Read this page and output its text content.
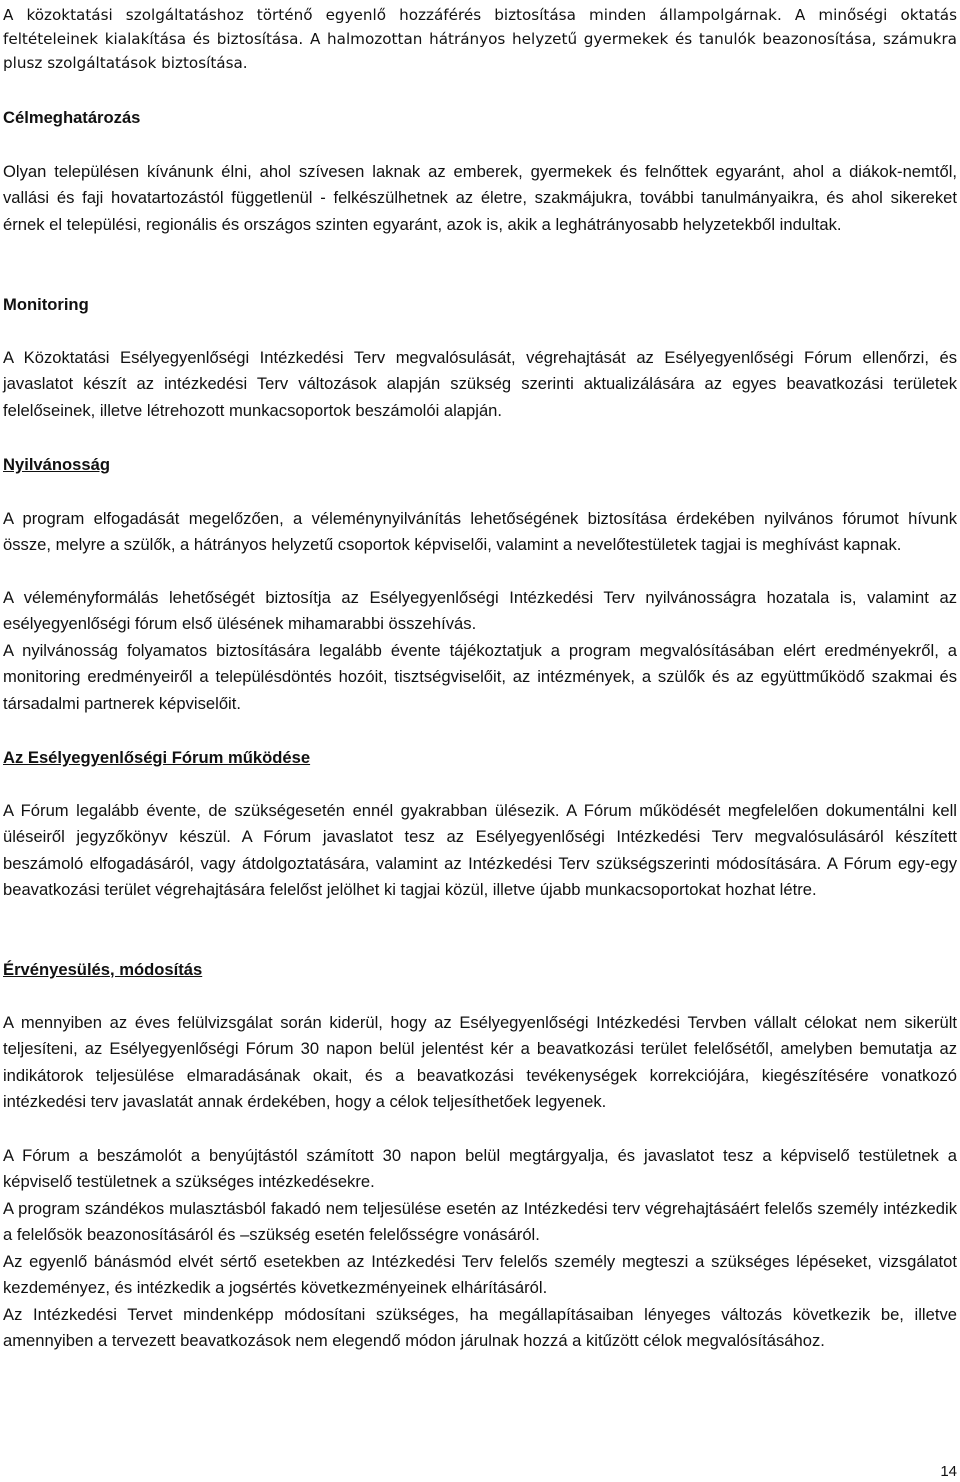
A közoktatási szolgáltatáshoz történő egyenlő hozzáférés biztosítása minden állampolgárnak. A minőségi oktatás feltételeinek kialakítása és biztosítása. A halmozottan hátrányos helyzetű gyermekek és tanulók beazonosítása, számukra plusz szolgáltatások biztosítása.

Célmeghatározás

Olyan településen kívánunk élni, ahol szívesen laknak az emberek, gyermekek és felnőttek egyaránt, ahol a diákok-nemtől, vallási és faji hovatartozástól függetlenül - felkészülhetnek az életre, szakmájukra, további tanulmányaikra, és ahol sikereket érnek el települési, regionális és országos szinten egyaránt, azok is, akik a leghátrányosabb helyzetekből indultak.

Monitoring

A Közoktatási Esélyegyenlőségi Intézkedési Terv megvalósulását, végrehajtását az Esélyegyenlőségi Fórum ellenőrzi, és javaslatot készít az intézkedési Terv változások alapján szükség szerinti aktualizálására az egyes beavatkozási területek felelőseinek, illetve létrehozott munkacsoportok beszámolói alapján.

Nyilvánosság

A program elfogadását megelőzően, a véleménynyilvánítás lehetőségének biztosítása érdekében nyilvános fórumot hívunk össze, melyre a szülők, a hátrányos helyzetű csoportok képviselői, valamint a nevelőtestületek tagjai is meghívást kapnak.

A véleményformálás lehetőségét biztosítja az Esélyegyenlőségi Intézkedési Terv nyilvánosságra hozatala is, valamint az esélyegyenlőségi fórum első ülésének mihamarabbi összehívás.

A nyilvánosság folyamatos biztosítására legalább évente tájékoztatjuk a program megvalósításában elért eredményekről, a monitoring eredményeiről a településdöntés hozóit, tisztségviselőit, az intézmények, a szülők és az együttműködő szakmai és társadalmi partnerek képviselőit.

Az Esélyegyenlőségi Fórum működése

A Fórum legalább évente, de szükségesetén ennél gyakrabban ülésezik. A Fórum működését megfelelően dokumentálni kell üléseiről jegyzőkönyv készül. A Fórum javaslatot tesz az Esélyegyenlőségi Intézkedési Terv megvalósulásáról készített beszámoló elfogadásáról, vagy átdolgoztatására, valamint az Intézkedési Terv szükségszerinti módosítására. A Fórum egy-egy beavatkozási terület végrehajtására felelőst jelölhet ki tagjai közül, illetve újabb munkacsoportokat hozhat létre.

Érvényesülés, módosítás

A mennyiben az éves felülvizsgálat során kiderül, hogy az Esélyegyenlőségi Intézkedési Tervben vállalt célokat nem sikerült teljesíteni, az Esélyegyenlőségi Fórum 30 napon belül jelentést kér a beavatkozási terület felelősétől, amelyben bemutatja az indikátorok teljesülése elmaradásának okait, és a beavatkozási tevékenységek korrekciójára, kiegészítésére vonatkozó intézkedési terv javaslatát annak érdekében, hogy a célok teljesíthetőek legyenek.

A Fórum a beszámolót a benyújtástól számított 30 napon belül megtárgyalja, és javaslatot tesz a képviselő testületnek a képviselő testületnek a szükséges intézkedésekre.

A program szándékos mulasztásból fakadó nem teljesülése esetén az Intézkedési terv végrehajtásáért felelős személy intézkedik a felelősök beazonosításáról és –szükség esetén felelősségre vonásáról.

Az egyenlő bánásmód elvét sértő esetekben az Intézkedési Terv felelős személy megteszi a szükséges lépéseket, vizsgálatot kezdeményez, és intézkedik a jogsértés következményeinek elhárításáról.

Az Intézkedési Tervet mindenképp módosítani szükséges, ha megállapításaiban lényeges változás következik be, illetve amennyiben a tervezett beavatkozások nem elegendő módon járulnak hozzá a kitűzött célok megvalósításához.

14
